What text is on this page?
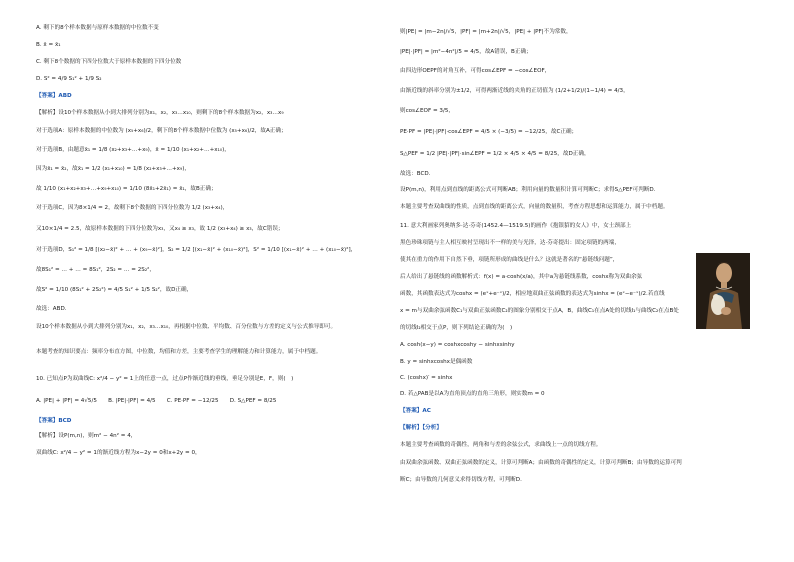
A. 剩下的8个样本数据与原样本数据的中位数不变
B. x̄ = x̄₁
C. 剩下8个数据的下四分位数大于原样本数据的下四分位数
D. S² = 4/9 S₁² + 1/9 S₂
【答案】ABD
【解析】设10个样本数据从小到大排列分别为x₁，x₂，x₃…x₁₀，则剩下的8个样本数据为x₂，x₃…x₉
对于选项A：原样本数据的中位数为 (x₅+x₆)/2，剩下的8个样本数据中位数为 (x₅+x₆)/2，故A正确；
对于选项B，由题意x̄₁ = 1/8 (x₂+x₃+…+x₉)，x̄ = 1/10 (x₁+x₂+…+x₁₀)，
因为x̄₁ = x̄₂，故x̄₁ = 1/2 (x₁+x₁₀) = 1/8 (x₂+x₃+…+x₉)，
故 1/10 (x₁+x₂+x₃+…+x₉+x₁₀) = 1/10 (8x̄₁+2x̄₁) = x̄₁，故B正确；
对于选项C，因为8×1/4 = 2，故剩下8个数据的下四分位数为 1/2 (x₃+x₄)，
又10×1/4 = 2.5，故原样本数据的下四分位数为x₃，又x₄ ≥ x₃，故 1/2 (x₃+x₄) ≥ x₃，故C错误；
对于选项D，S₁² = 1/8 [(x₂−x̄)² + … + (x₉−x̄)²]，S₂ = 1/2 [(x₁−x̄)² + (x₁₀−x̄)²]，S² = 1/10 [(x₁−x̄)² + … + (x₁₀−x̄)²]，
故8S₁² = … + … = 8S₁²，2S₂ = … = 2S₂²，
故S² = 1/10 (8S₁² + 2S₂²) = 4/5 S₁² + 1/5 S₂²，故D正确，
故选：ABD.
设10个样本数据从小到大排列分别为x₁，x₂，x₃…x₁₀，再根据中位数、平均数、百分位数与方差的定义与公式推导即可。
本题考查的知识要点：频率分布直方图，中位数，均值和方差，主要考查学生的理解能力和计算能力，属于中档题。
10. 已知点P为双曲线C: x²/4 − y² = 1上的任意一点，过点P作渐近线的垂线，垂足分别是E，F，则(　)
A. |PE| + |PF| = 4√5/5　　B. |PE|·|PF| = 4/5　　C. PE·PF = −12/25　　D. S△PEF = 8/25
【答案】BCD
【解析】设P(m,n)，则m² − 4n² = 4，
双曲线C: x²/4 − y² = 1的渐近线方程为x−2y = 0和x+2y = 0，
则|PE| = |m−2n|/√5，|PF| = |m+2n|/√5，|PE| + |PF|不为常数，
|PE|·|PF| = |m²−4n²|/5 = 4/5，故A错误，B正确；
由四边形OEPF的对角互补，可得cos∠EPF = −cos∠EOF，
由渐近线的斜率分别为±1/2，可得两渐近线的夹角的正切值为 (1/2+1/2)/(1−1/4) = 4/3，
则cos∠EOF = 3/5，
PE·PF = |PE|·|PF|·cos∠EPF = 4/5 × (−3/5) = −12/25，故C正确；
S△PEF = 1/2 |PE|·|PF|·sin∠EPF = 1/2 × 4/5 × 4/5 = 8/25，故D正确，
故选：BCD.
设P(m,n)，利用点到直线的距离公式可判断AB；利用向量的数量积计算可判断C；求得S△PEF可判断D.
本题主要考查双曲线的性质，点到直线的距离公式，向量的数量积，考查方程思想和运算能力，属于中档题。
11. 意大利画家列奥纳多·达·芬奇(1452.4—1519.5)的画作《抱银貂的女人》中，女士颈部上
黑色珍珠项链与主人相互映衬呈现出不一样的美与光泽，达·芬奇提出：固定项链的两端，
使其在重力的作用下自然下垂，项链所形成的曲线是什么？这就是著名的“悬链线问题”，
后人给出了悬链线的函数解析式：f(x) = a·cosh(x/a)，其中a为悬链线系数，coshx称为双曲余弦
函数，其函数表达式为coshx = (eˣ+e⁻ˣ)/2，相应地双曲正弦函数的表达式为sinhx = (eˣ−e⁻ˣ)/2.若直线
x = m与双曲余弦函数C₁与双曲正弦函数C₂的图象分别相交于点A，B，曲线C₁在点A处的切线l₁与曲线C₂在点B处
的切线l₂相交于点P，则下列结论正确的为(　)
A. cosh(x−y) = coshxcoshy − sinhxsinhy
B. y = sinhxcoshx是偶函数
C. (coshx)′ = sinhx
D. 若△PAB是以A为直角顶点的直角三角形，则实数m = 0
【答案】AC
【解析】【分析】
本题主要考查函数的奇偶性，两角和与差的余弦公式，求曲线上一点的切线方程。
由双曲余弦函数、双曲正弦函数的定义，计算可判断A；由函数的奇偶性的定义，计算可判断B；由导数的运算可判
断C；由导数的几何意义求得切线方程，可判断D.
